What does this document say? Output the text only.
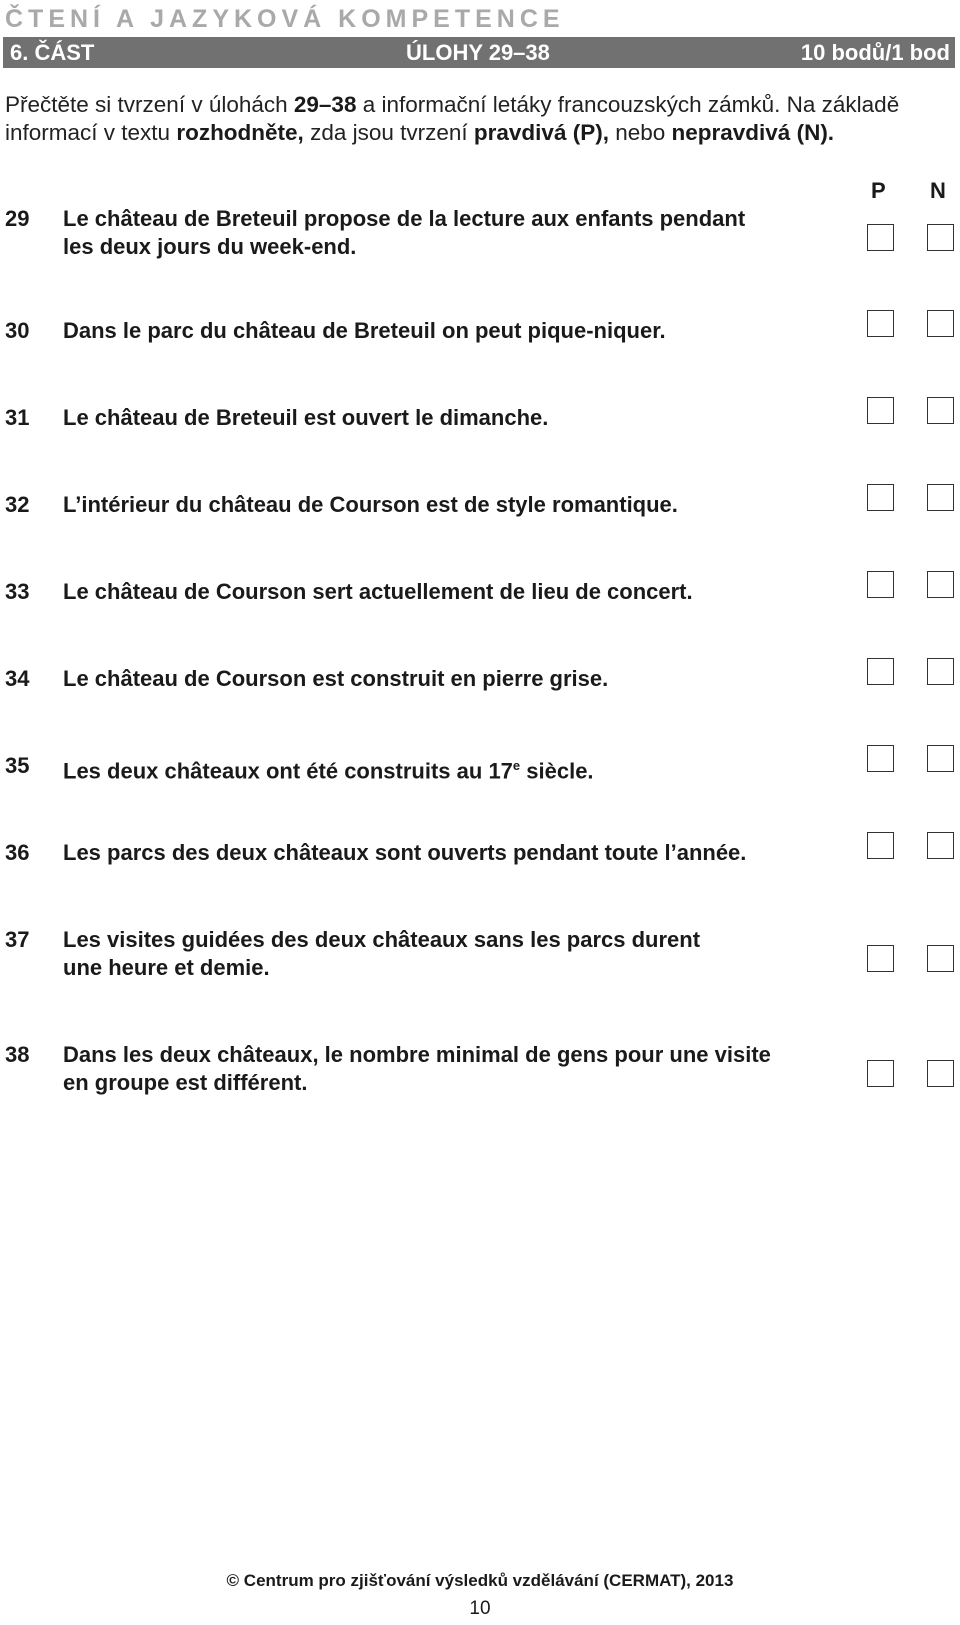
ČTENÍ A JAZYKOVÁ KOMPETENCE
6. ČÁST	ÚLOHY 29–38	10 bodů/1 bod
Přečtěte si tvrzení v úlohách 29–38 a informační letáky francouzských zámků. Na základě informací v textu rozhodněte, zda jsou tvrzení pravdivá (P), nebo nepravdivá (N).
P N
29 Le château de Breteuil propose de la lecture aux enfants pendant
les deux jours du week-end.
30 Dans le parc du château de Breteuil on peut pique-niquer.
31 Le château de Breteuil est ouvert le dimanche.
32 L’intérieur du château de Courson est de style romantique.
33 Le château de Courson sert actuellement de lieu de concert.
34 Le château de Courson est construit en pierre grise.
35 Les deux châteaux ont été construits au 17e siècle.
36 Les parcs des deux châteaux sont ouverts pendant toute l’année.
37 Les visites guidées des deux châteaux sans les parcs durent
une heure et demie.
38 Dans les deux châteaux, le nombre minimal de gens pour une visite
en groupe est différent.
© Centrum pro zjišťování výsledků vzdělávání (CERMAT), 2013
10
